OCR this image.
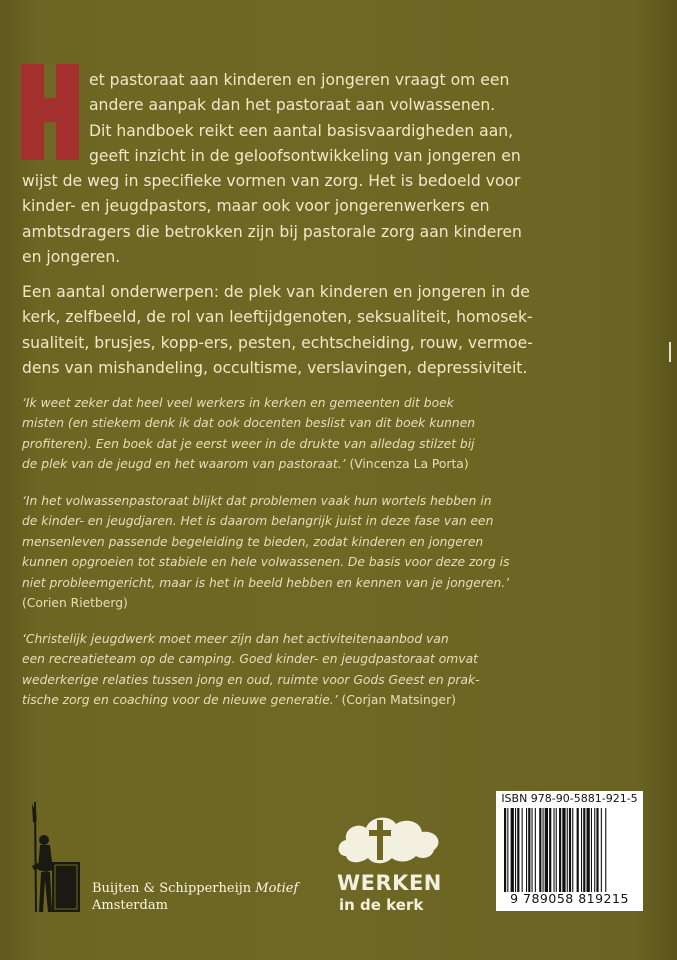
et pastoraat aan kinderen en jongeren vraagt om een
andere aanpak dan het pastoraat aan volwassenen.
Dit handboek reikt een aantal basisvaardigheden aan,
geeft inzicht in de geloofsontwikkeling van jongeren en
wijst de weg in specifieke vormen van zorg. Het is bedoeld voor
kinder- en jeugdpastors, maar ook voor jongerenwerkers en
ambtsdragers die betrokken zijn bij pastorale zorg aan kinderen
en jongeren.
Een aantal onderwerpen: de plek van kinderen en jongeren in de
kerk, zelfbeeld, de rol van leeftijdgenoten, seksualiteit, homosek-
sualiteit, brusjes, kopp-ers, pesten, echtscheiding, rouw, vermoe-
dens van mishandeling, occultisme, verslavingen, depressiviteit.
‘Ik weet zeker dat heel veel werkers in kerken en gemeenten dit boek
misten (en stiekem denk ik dat ook docenten beslist van dit boek kunnen
profiteren). Een boek dat je eerst weer in de drukte van alledag stilzet bij
de plek van de jeugd en het waarom van pastoraat.’ (Vincenza La Porta)
‘In het volwassenpastoraat blijkt dat problemen vaak hun wortels hebben in
de kinder- en jeugdjaren. Het is daarom belangrijk juist in deze fase van een
mensenleven passende begeleiding te bieden, zodat kinderen en jongeren
kunnen opgroeien tot stabiele en hele volwassenen. De basis voor deze zorg is
niet probleemgericht, maar is het in beeld hebben en kennen van je jongeren.’
(Corien Rietberg)
‘Christelijk jeugdwerk moet meer zijn dan het activiteitenaanbod van
een recreatieteam op de camping. Goed kinder- en jeugdpastoraat omvat
wederkerige relaties tussen jong en oud, ruimte voor Gods Geest en prak-
tische zorg en coaching voor de nieuwe generatie.’ (Corjan Matsinger)
Buijten & Schipperheijn Motief
Amsterdam
WERKEN
in de kerk
ISBN 978-90-5881-921-5
9 789058 819215
